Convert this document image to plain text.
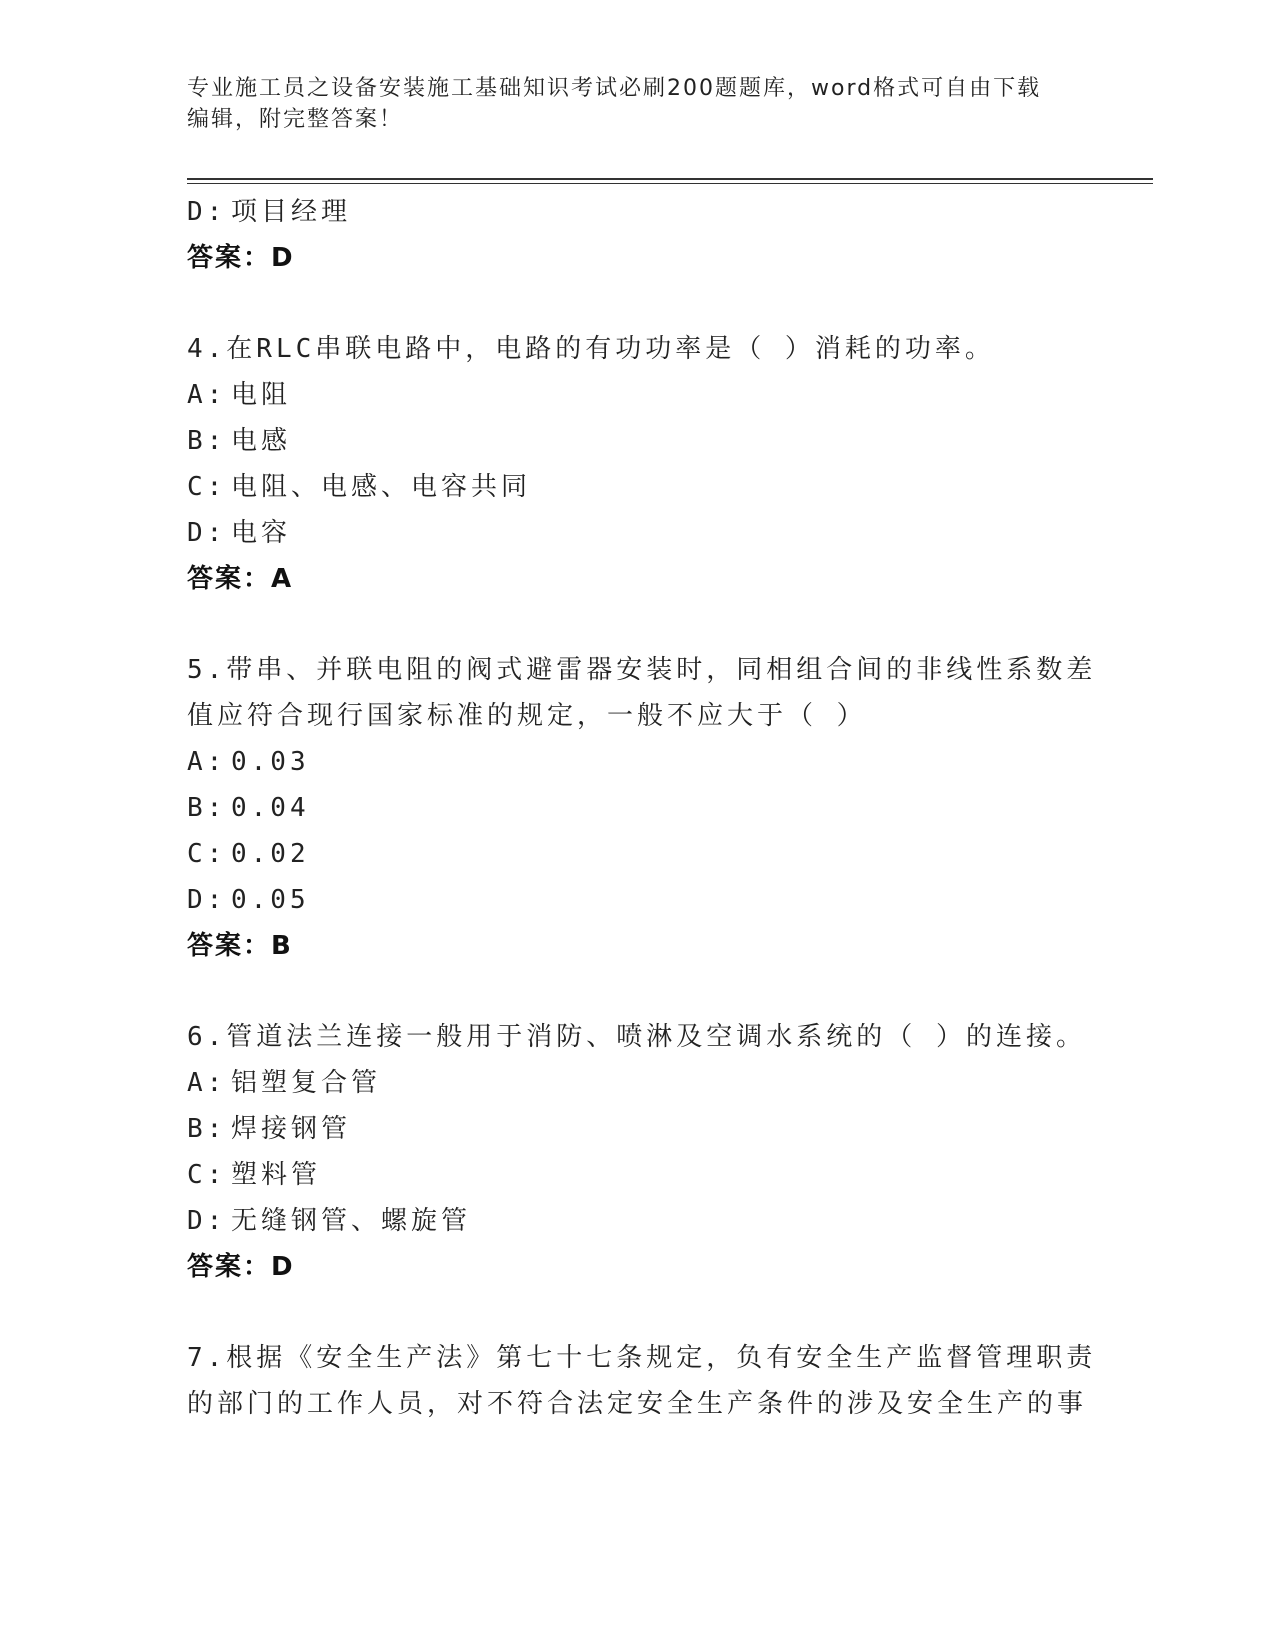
专业施工员之设备安装施工基础知识考试必刷200题题库，word格式可自由下载
编辑，附完整答案！
D: 项目经理
答案：D
4.在RLC串联电路中，电路的有功功率是（ ）消耗的功率。
A: 电阻
B: 电感
C: 电阻、电感、电容共同
D: 电容
答案：A
5.带串、并联电阻的阀式避雷器安装时，同相组合间的非线性系数差
值应符合现行国家标准的规定，一般不应大于（ ）
A: 0.03
B: 0.04
C: 0.02
D: 0.05
答案：B
6.管道法兰连接一般用于消防、喷淋及空调水系统的（ ）的连接。
A: 铝塑复合管
B: 焊接钢管
C: 塑料管
D: 无缝钢管、螺旋管
答案：D
7.根据《安全生产法》第七十七条规定，负有安全生产监督管理职责
的部门的工作人员，对不符合法定安全生产条件的涉及安全生产的事
